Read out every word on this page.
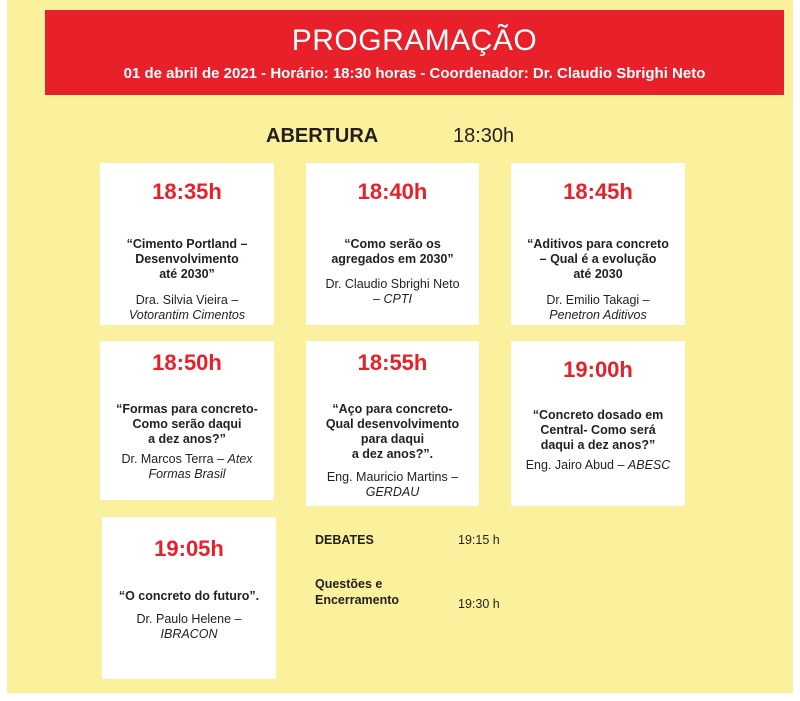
PROGRAMAÇÃO
01 de abril de 2021 - Horário: 18:30 horas - Coordenador: Dr. Claudio Sbrighi Neto
ABERTURA	18:30h
18:35h
“Cimento Portland –
Desenvolvimento
até 2030”
Dra. Silvia Vieira –
Votorantim Cimentos
18:40h
“Como serão os
agregados em 2030”
Dr. Claudio Sbrighi Neto
– CPTI
18:45h
“Aditivos para concreto
– Qual é a evolução
até 2030
Dr. Emilio Takagi –
Penetron Aditivos
18:50h
“Formas para concreto-
Como serão daqui
a dez anos?”
Dr. Marcos Terra – Atex Formas Brasil
18:55h
“Aço para concreto-
Qual desenvolvimento
para daqui
a dez anos?”.
Eng. Mauricio Martins –
GERDAU
19:00h
“Concreto dosado em
Central- Como será
daqui a dez anos?”
Eng. Jairo Abud – ABESC
19:05h
“O concreto do futuro”.
Dr. Paulo Helene –
IBRACON
DEBATES	19:15 h
Questões e
Encerramento	19:30 h
